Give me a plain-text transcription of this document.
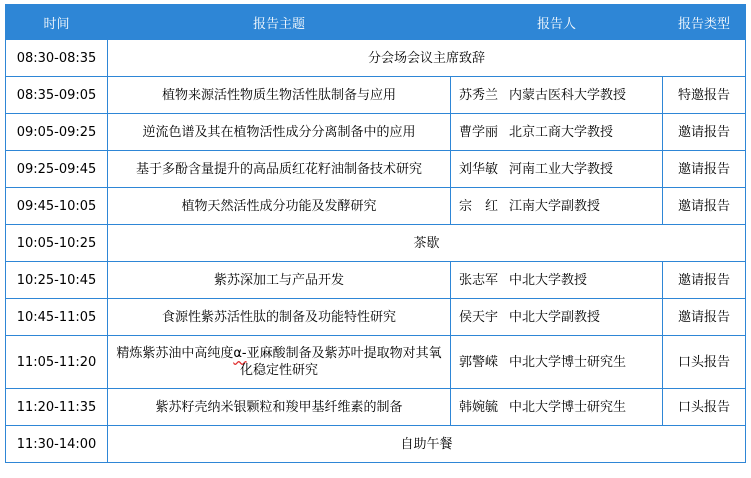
时间	报告主题	报告人	报告类型
08:30-08:35	分会场会议主席致辞		
08:35-09:05	植物来源活性物质生物活性肽制备与应用	苏秀兰 内蒙古医科大学教授	特邀报告
09:05-09:25	逆流色谱及其在植物活性成分分离制备中的应用	曹学丽 北京工商大学教授	邀请报告
09:25-09:45	基于多酚含量提升的高品质红花籽油制备技术研究	刘华敏 河南工业大学教授	邀请报告
09:45-10:05	植物天然活性成分功能及发酵研究	宗　红 江南大学副教授	邀请报告
10:05-10:25	茶歇		
10:25-10:45	紫苏深加工与产品开发	张志军 中北大学教授	邀请报告
10:45-11:05	食源性紫苏活性肽的制备及功能特性研究	侯天宇 中北大学副教授	邀请报告
11:05-11:20	精炼紫苏油中高纯度α-亚麻酸制备及紫苏叶提取物对其氧化稳定性研究	郭警嵘 中北大学博士研究生	口头报告
11:20-11:35	紫苏籽壳纳米银颗粒和羧甲基纤维素的制备	韩婉毓 中北大学博士研究生	口头报告
11:30-14:00	自助午餐		
